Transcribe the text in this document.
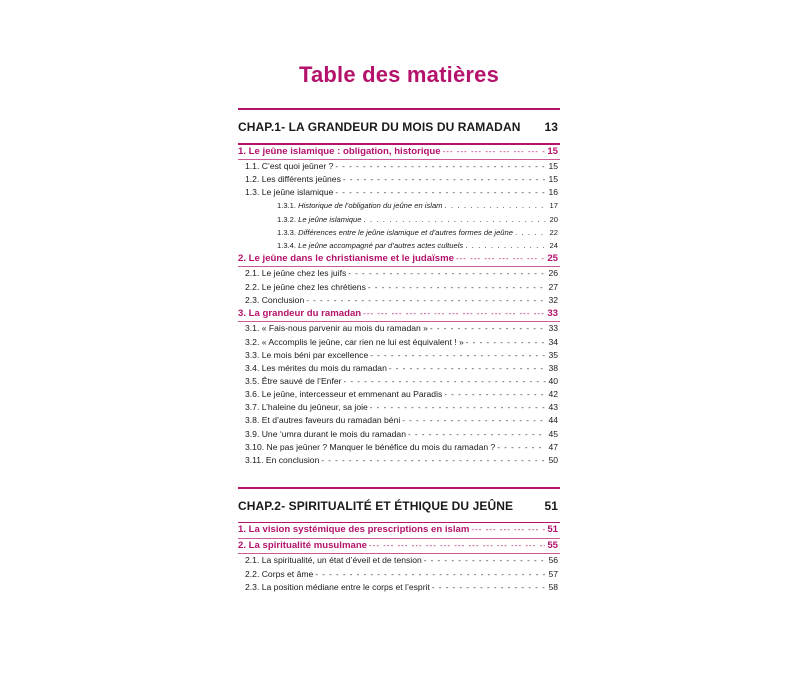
Table des matières
CHAP.1- LA GRANDEUR DU MOIS DU RAMADAN 13
1. Le jeûne islamique : obligation, historique --- -	15
1.1. C’est quoi jeûner ? - - -	15
1.2. Les différents jeûnes - - -	15
1.3. Le jeûne islamique - - -	16
1.3.1. Historique de l’obligation du jeûne en islam . . .	17
1.3.2. Le jeûne islamique . . .	20
1.3.3. Différences entre le jeûne islamique et d’autres formes de jeûne . . .	22
1.3.4. Le jeûne accompagné par d’autres actes cultuels . . .	24
2. Le jeûne dans le christianisme et le judaïsme --- -	25
2.1. Le jeûne chez les juifs - - -	26
2.2. Le jeûne chez les chrétiens - - -	27
2.3. Conclusion - - -	32
3. La grandeur du ramadan --- -	33
3.1. « Fais-nous parvenir au mois du ramadan » - - -	33
3.2. « Accomplis le jeûne, car rien ne lui est équivalent ! » - - -	34
3.3. Le mois béni par excellence - - -	35
3.4. Les mérites du mois du ramadan - - -	38
3.5. Être sauvé de l’Enfer - - -	40
3.6. Le jeûne, intercesseur et emmenant au Paradis - - -	42
3.7. L’haleine du jeûneur, sa joie - - -	43
3.8. Et d’autres faveurs du ramadan béni - - -	44
3.9. Une ‘umra durant le mois du ramadan - - -	45
3.10. Ne pas jeûner ? Manquer le bénéfice du mois du ramadan ? - - -	47
3.11. En conclusion - - -	50
CHAP.2- SPIRITUALITÉ ET ÉTHIQUE DU JEÛNE	51
1. La vision systémique des prescriptions en islam --- -	51
2. La spiritualité musulmane --- -	55
2.1. La spiritualité, un état d’éveil et de tension - - -	56
2.2. Corps et âme - - -	57
2.3. La position médiane entre le corps et l’esprit - - -	58
